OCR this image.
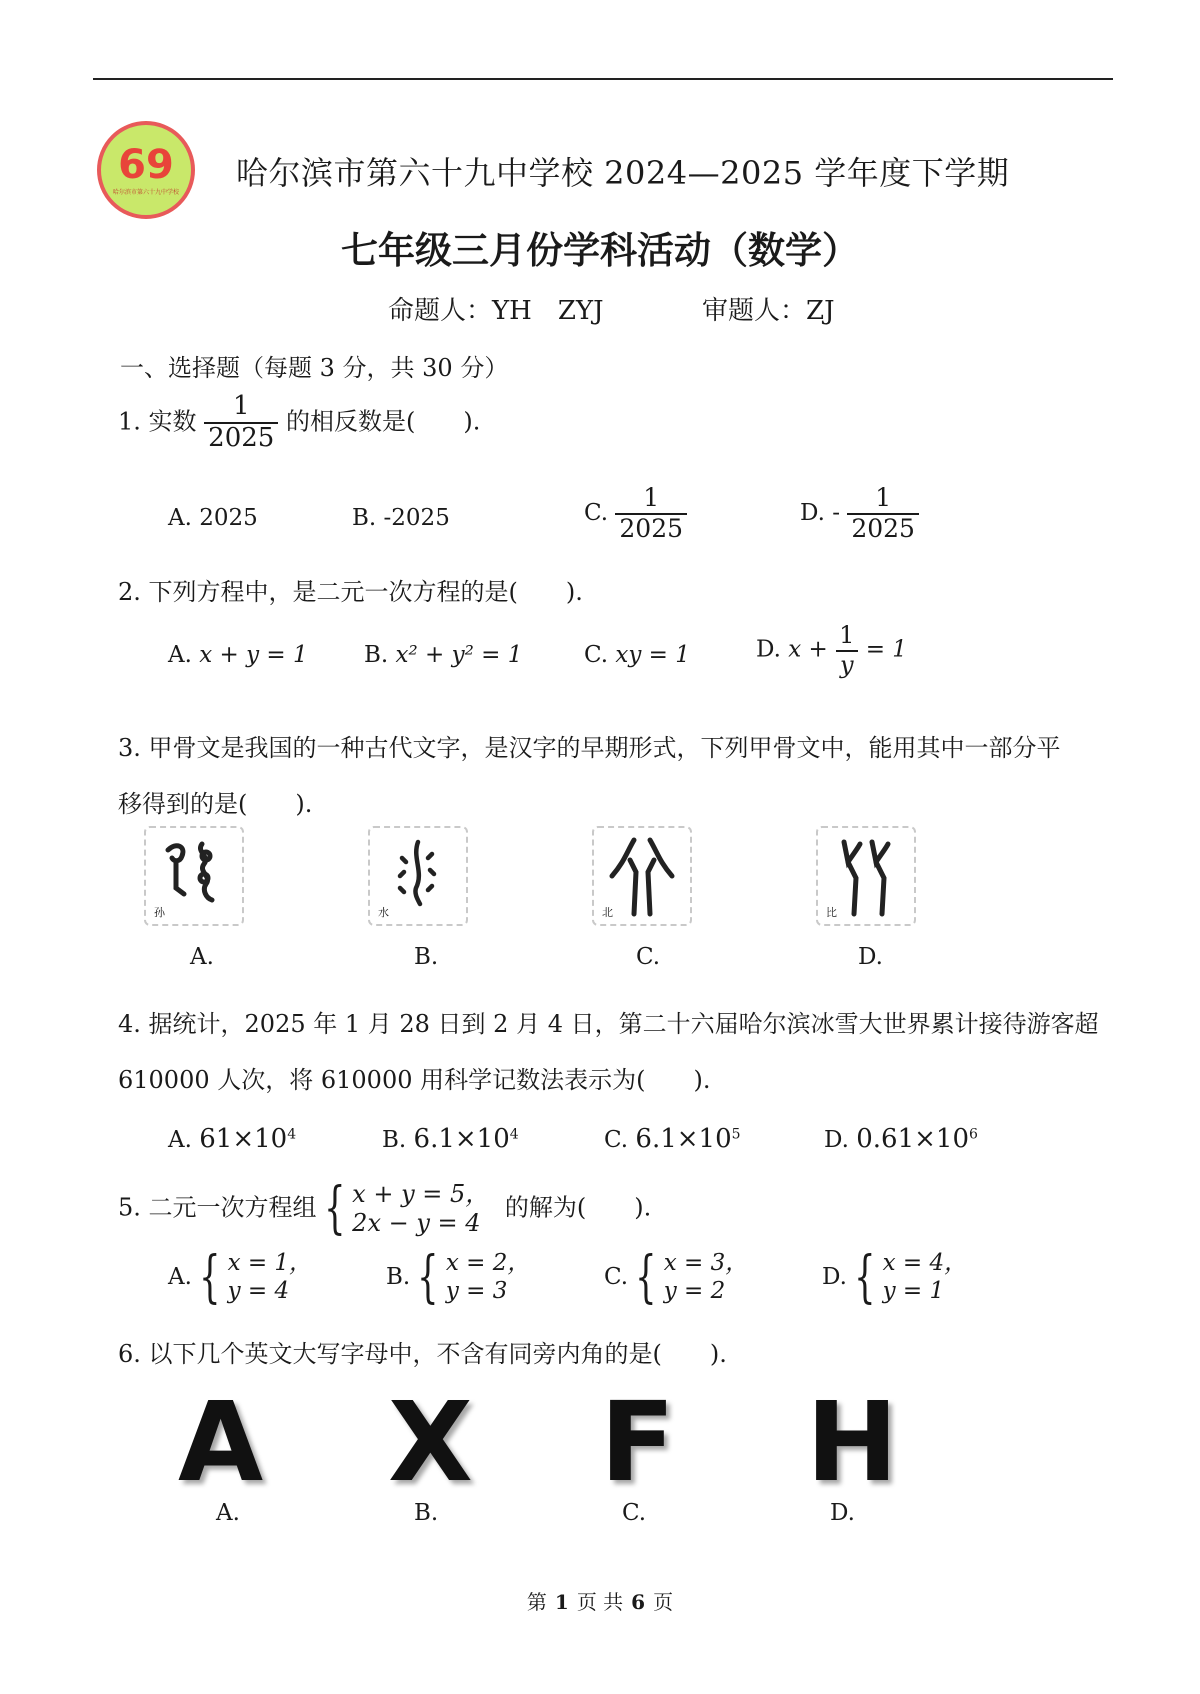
69
哈尔滨市第六十九中学校
哈尔滨市第六十九中学校 2024—2025 学年度下学期
七年级三月份学科活动（数学）
命题人：YH　ZYJ	审题人：ZJ
一、选择题（每题 3 分，共 30 分）
1. 实数 $\frac{1}{2025}$ 的相反数是(　　).
A. 2025	B. -2025	C. $\frac{1}{2025}$	D. - $\frac{1}{2025}$
2. 下列方程中，是二元一次方程的是(　　).
A. x + y = 1 B. x² + y² = 1	C. xy = 1	D. $x + \frac{1}{y} = 1$
3. 甲骨文是我国的一种古代文字，是汉字的早期形式，下列甲骨文中，能用其中一部分平
移得到的是(　　).
孙	水	北	比
A.	B.	C.	D.
4. 据统计，2025 年 1 月 28 日到 2 月 4 日，第二十六届哈尔滨冰雪大世界累计接待游客超
610000 人次，将 610000 用科学记数法表示为(　　).
A. $61\times 10^4$	B. $6.1\times 10^4$	C. $6.1\times 10^5$	D. $0.61\times 10^6$
5. 二元一次方程组 { x + y = 5，
2x − y = 4
的解为(　　).
A. { x = 1，
y = 4
B. { x = 2，
y = 3
C. { x = 3，
y = 2
D. { x = 4，
y = 1
6. 以下几个英文大写字母中，不含有同旁内角的是(　　).
A X F H
A.	B.	C.	D.
第 1 页 共 6 页
